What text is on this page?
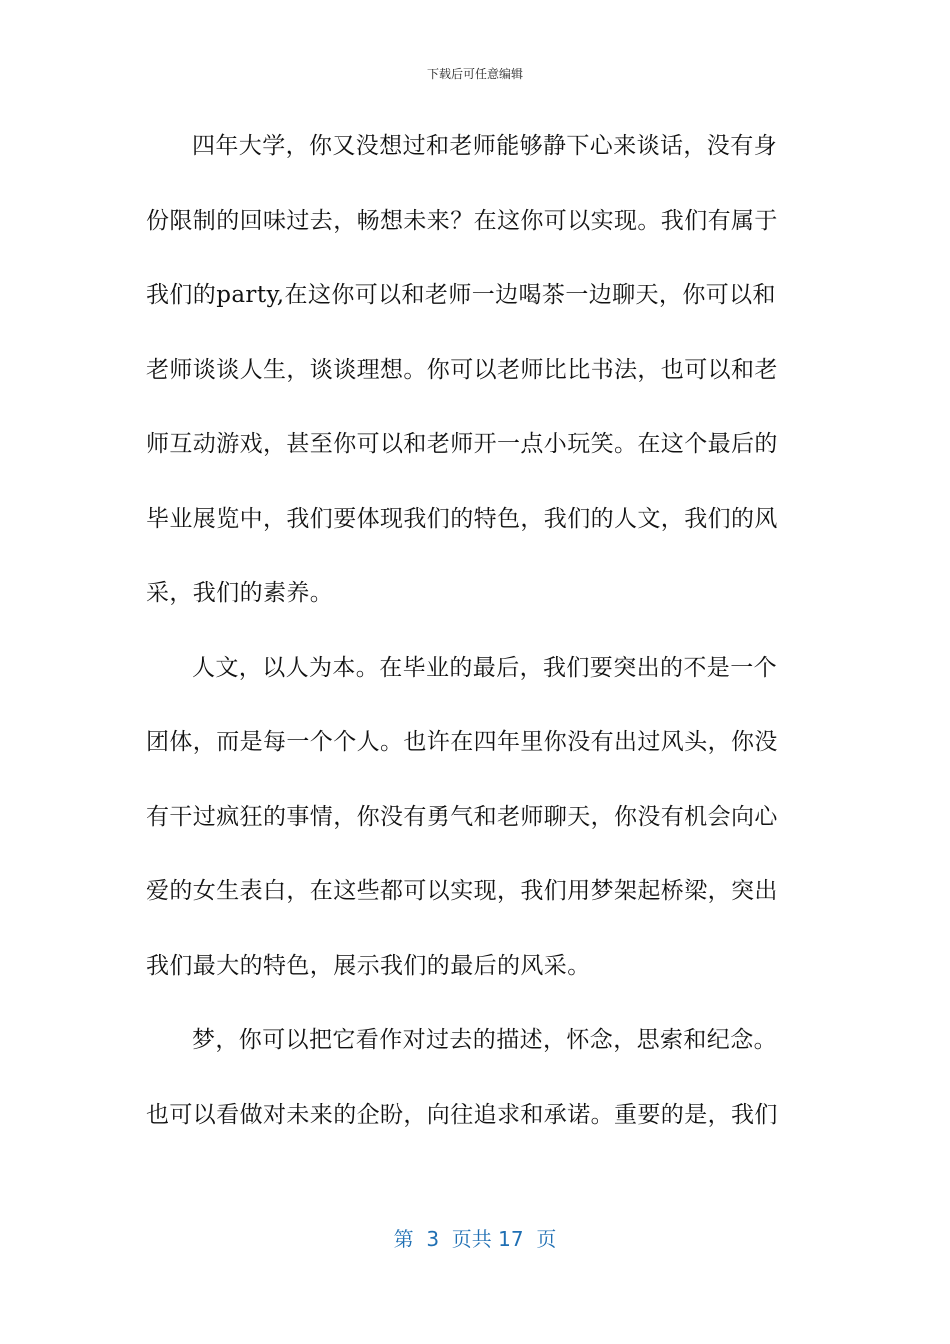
下载后可任意编辑
四年大学，你又没想过和老师能够静下心来谈话，没有身
份限制的回味过去，畅想未来？在这你可以实现。我们有属于
我们的party,在这你可以和老师一边喝茶一边聊天，你可以和
老师谈谈人生，谈谈理想。你可以老师比比书法，也可以和老
师互动游戏，甚至你可以和老师开一点小玩笑。在这个最后的
毕业展览中，我们要体现我们的特色，我们的人文，我们的风
采，我们的素养。
人文，以人为本。在毕业的最后，我们要突出的不是一个
团体，而是每一个个人。也许在四年里你没有出过风头，你没
有干过疯狂的事情，你没有勇气和老师聊天，你没有机会向心
爱的女生表白，在这些都可以实现，我们用梦架起桥梁，突出
我们最大的特色，展示我们的最后的风采。
梦，你可以把它看作对过去的描述，怀念，思索和纪念。
也可以看做对未来的企盼，向往追求和承诺。重要的是，我们
第  3  页共 17  页
